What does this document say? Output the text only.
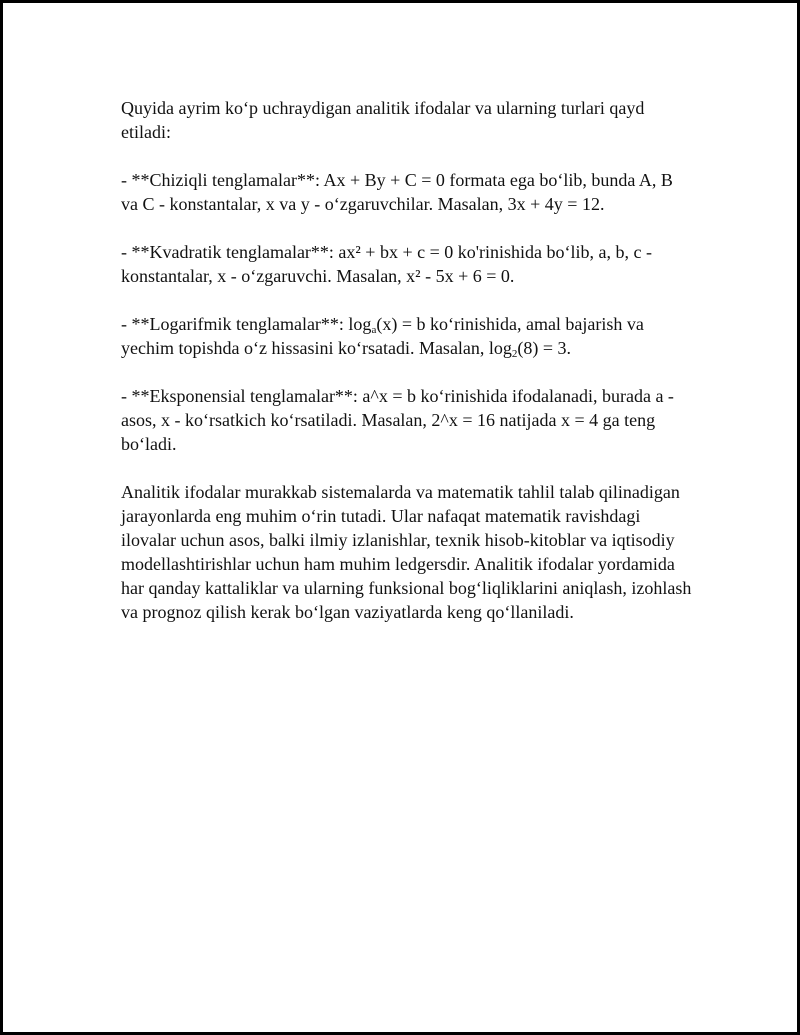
Quyida ayrim ko‘p uchraydigan analitik ifodalar va ularning turlari qayd etiladi:

- **Chiziqli tenglamalar**: Ax + By + C = 0 formata ega bo‘lib, bunda A, B va C - konstantalar, x va y - o‘zgaruvchilar. Masalan, 3x + 4y = 12.

- **Kvadratik tenglamalar**: ax² + bx + c = 0 ko'rinishida bo‘lib, a, b, c - konstantalar, x - o‘zgaruvchi. Masalan, x² - 5x + 6 = 0.

- **Logarifmik tenglamalar**: $\log_a(x) = b$ ko‘rinishida, amal bajarish va yechim topishda o‘z hissasini ko‘rsatadi. Masalan, $\log_2(8) = 3$.

- **Eksponensial tenglamalar**: a^x = b ko‘rinishida ifodalanadi, burada a - asos, x - ko‘rsatkich ko‘rsatiladi. Masalan, 2^x = 16 natijada x = 4 ga teng bo‘ladi.

Analitik ifodalar murakkab sistemalarda va matematik tahlil talab qilinadigan jarayonlarda eng muhim o‘rin tutadi. Ular nafaqat matematik ravishdagi ilovalar uchun asos, balki ilmiy izlanishlar, texnik hisob-kitoblar va iqtisodiy modellashtirishlar uchun ham muhim ledgersdir. Analitik ifodalar yordamida har qanday kattaliklar va ularning funksional bog‘liqliklarini aniqlash, izohlash va prognoz qilish kerak bo‘lgan vaziyatlarda keng qo‘llaniladi.
